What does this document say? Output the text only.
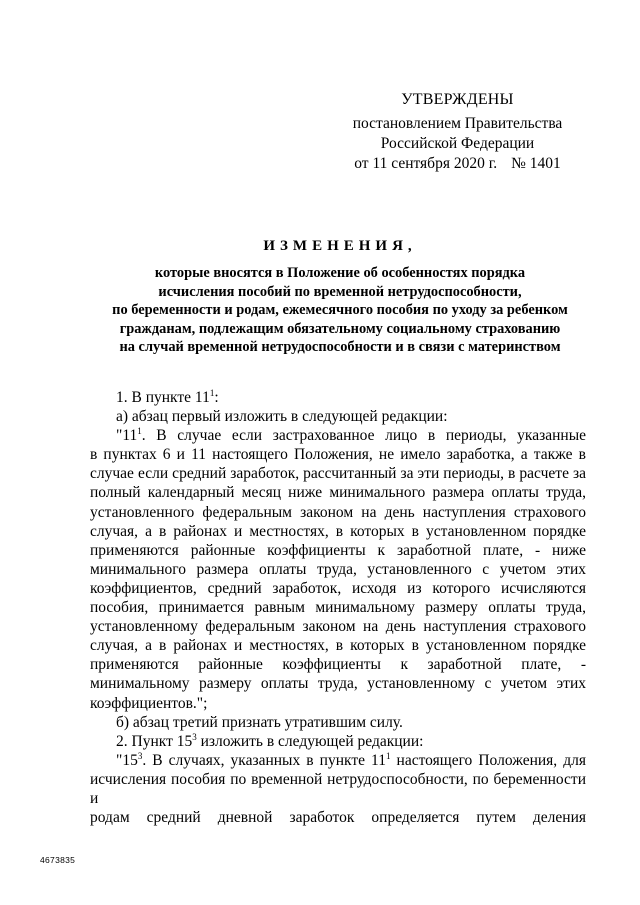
УТВЕРЖДЕНЫ
постановлением Правительства
Российской Федерации
от 11 сентября 2020 г. № 1401
ИЗМЕНЕНИЯ,
которые вносятся в Положение об особенностях порядка
исчисления пособий по временной нетрудоспособности,
по беременности и родам, ежемесячного пособия по уходу за ребенком
гражданам, подлежащим обязательному социальному страхованию
на случай временной нетрудоспособности и в связи с материнством

1. В пункте $11^1$:

а) абзац первый изложить в следующей редакции:

"$11^1$. В случае если застрахованное лицо в периоды, указанные

в пунктах 6 и 11 настоящего Положения, не имело заработка, а также в

случае если средний заработок, рассчитанный за эти периоды, в расчете за

полный календарный месяц ниже минимального размера оплаты труда,

установленного федеральным законом на день наступления страхового

случая, а в районах и местностях, в которых в установленном порядке

применяются районные коэффициенты к заработной плате, - ниже

минимального размера оплаты труда, установленного с учетом этих

коэффициентов, средний заработок, исходя из которого исчисляются

пособия, принимается равным минимальному размеру оплаты труда,

установленному федеральным законом на день наступления страхового

случая, а в районах и местностях, в которых в установленном порядке

применяются районные коэффициенты к заработной плате, -

минимальному размеру оплаты труда, установленному с учетом этих

коэффициентов.";

б) абзац третий признать утратившим силу.

2. Пункт $15^3$ изложить в следующей редакции:

"$15^3$. В случаях, указанных в пункте $11^1$ настоящего Положения, для

исчисления пособия по временной нетрудоспособности, по беременности и

родам средний дневной заработок определяется путем деления

4673835
